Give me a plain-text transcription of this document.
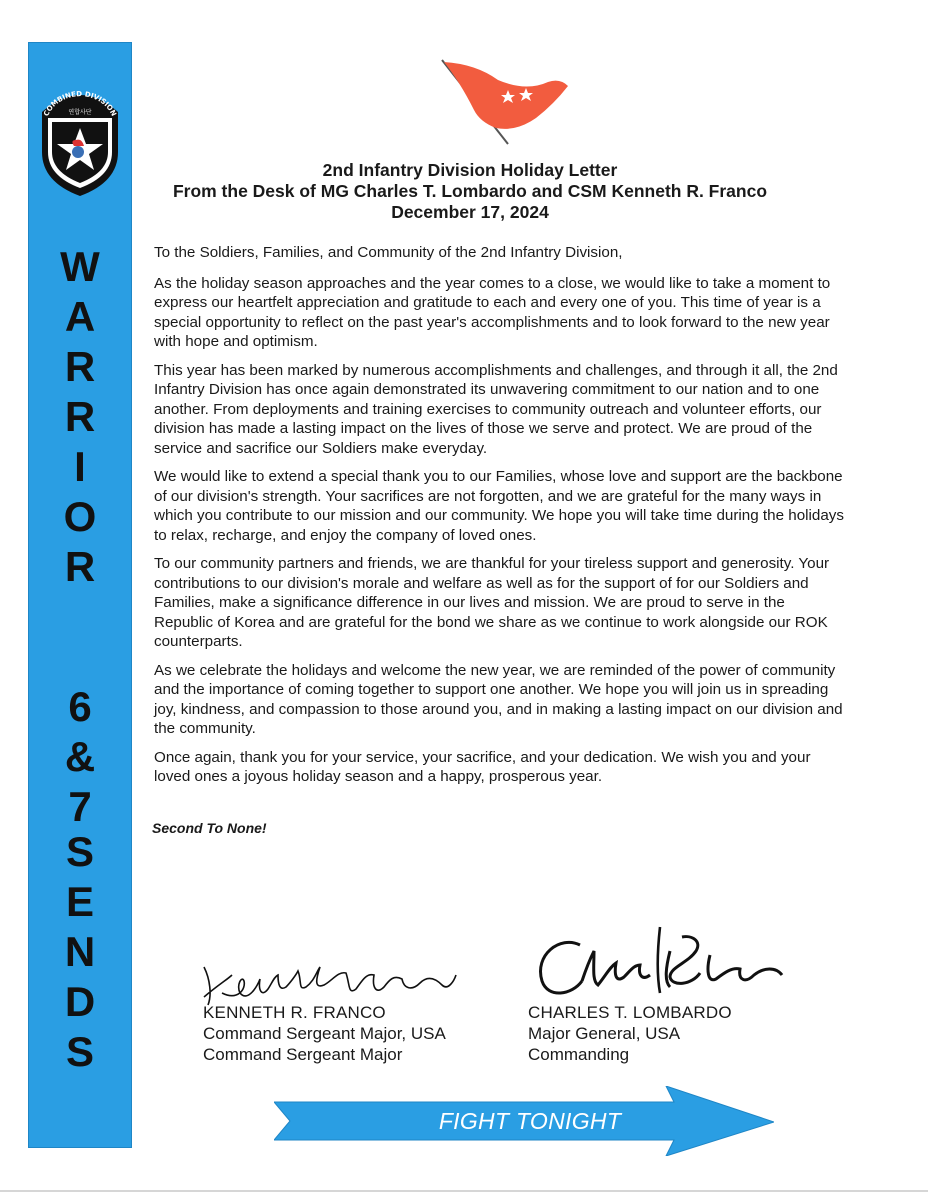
COMBINED DIVISION
연합사단
W
A
R
R
I
O
R
6
&
7
S
E
N
D
S
2nd Infantry Division Holiday Letter
From the Desk of MG Charles T. Lombardo and CSM Kenneth R. Franco
December 17, 2024

To the Soldiers, Families, and Community of the 2nd Infantry Division,

As the holiday season approaches and the year comes to a close, we would like to take a moment to express our heartfelt appreciation and gratitude to each and every one of you. This time of year is a special opportunity to reflect on the past year's accomplishments and to look forward to the new year with hope and optimism.

This year has been marked by numerous accomplishments and challenges, and through it all, the 2nd Infantry Division has once again demonstrated its unwavering commitment to our nation and to one another. From deployments and training exercises to community outreach and volunteer efforts, our division has made a lasting impact on the lives of those we serve and protect. We are proud of the service and sacrifice our Soldiers make everyday.

We would like to extend a special thank you to our Families, whose love and support are the backbone of our division's strength. Your sacrifices are not forgotten, and we are grateful for the many ways in which you contribute to our mission and our community. We hope you will take time during the holidays to relax, recharge, and enjoy the company of loved ones.

To our community partners and friends, we are thankful for your tireless support and generosity. Your contributions to our division's morale and welfare as well as for the support of for our Soldiers and Families, make a significance difference in our lives and mission. We are proud to serve in the Republic of Korea and are grateful for the bond we share as we continue to work alongside our ROK counterparts.

As we celebrate the holidays and welcome the new year, we are reminded of the power of community and the importance of coming together to support one another. We hope you will join us in spreading joy, kindness, and compassion to those around you, and in making a lasting impact on our division and the community.

Once again, thank you for your service, your sacrifice, and your dedication. We wish you and your loved ones a joyous holiday season and a happy, prosperous year.

Second To None!
KENNETH R. FRANCO
Command Sergeant Major, USA
Command Sergeant Major
CHARLES T. LOMBARDO
Major General, USA
Commanding
FIGHT TONIGHT
